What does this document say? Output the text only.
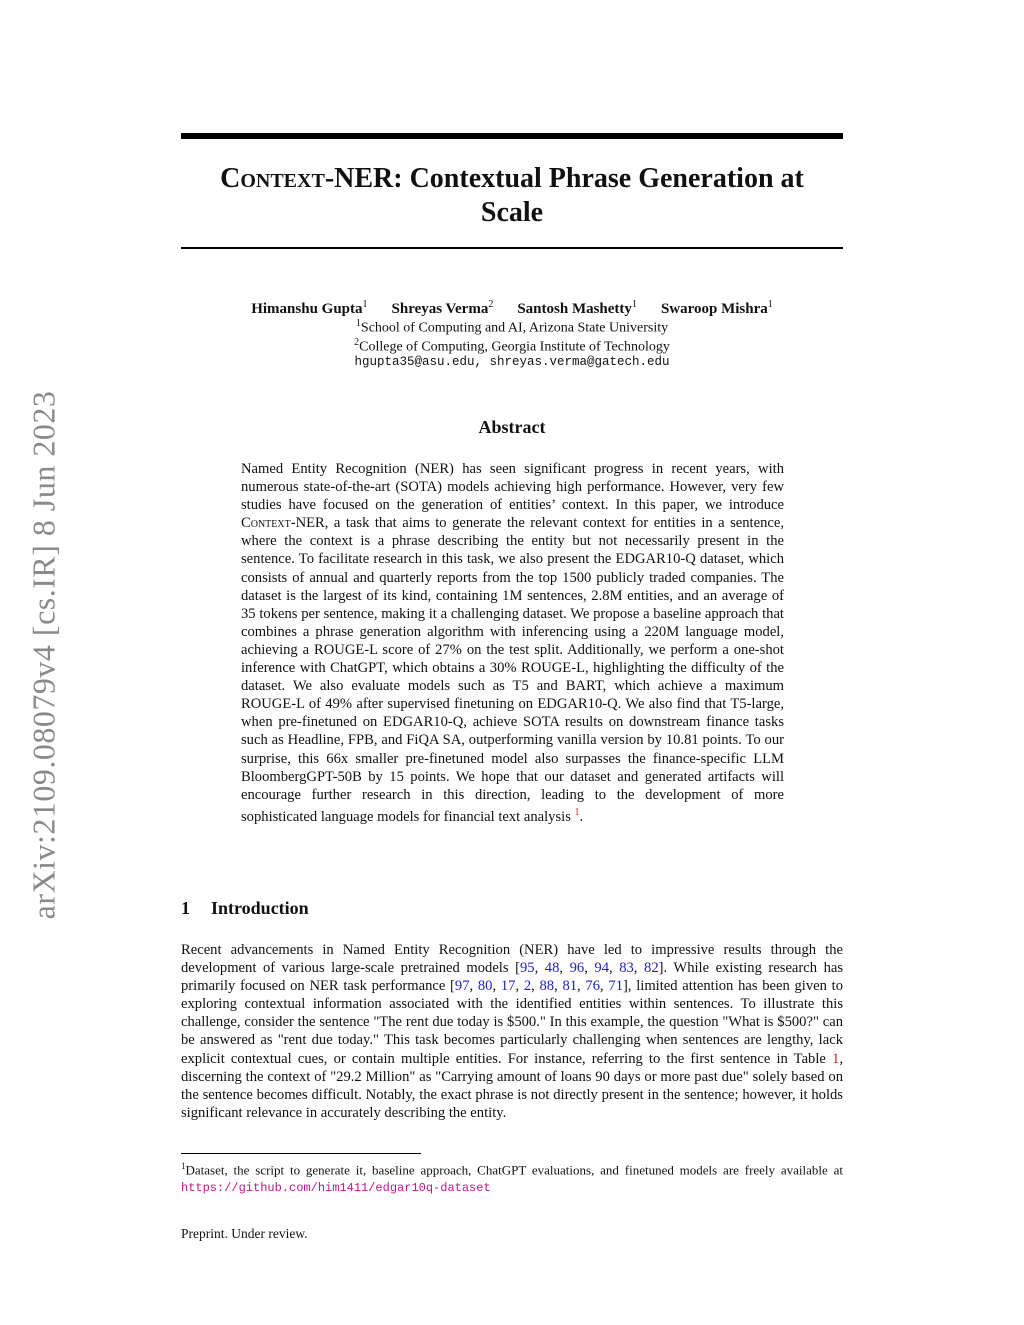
arXiv:2109.08079v4 [cs.IR] 8 Jun 2023
Context-NER: Contextual Phrase Generation at
Scale
Himanshu Gupta$^1$ Shreyas Verma$^2$ Santosh Mashetty$^1$ Swaroop Mishra$^1$
$^1$School of Computing and AI, Arizona State University
$^2$College of Computing, Georgia Institute of Technology
hgupta35@asu.edu, shreyas.verma@gatech.edu
Abstract
Named Entity Recognition (NER) has seen significant progress in recent years, with numerous state-of-the-art (SOTA) models achieving high performance. However, very few studies have focused on the generation of entities’ context. In this paper, we introduce Context-NER, a task that aims to generate the relevant context for entities in a sentence, where the context is a phrase describing the entity but not necessarily present in the sentence. To facilitate research in this task, we also present the EDGAR10-Q dataset, which consists of annual and quarterly reports from the top 1500 publicly traded companies. The dataset is the largest of its kind, containing 1M sentences, 2.8M entities, and an average of 35 tokens per sentence, making it a challenging dataset. We propose a baseline approach that combines a phrase generation algorithm with inferencing using a 220M language model, achieving a ROUGE-L score of 27% on the test split. Additionally, we perform a one-shot inference with ChatGPT, which obtains a 30% ROUGE-L, highlighting the difficulty of the dataset. We also evaluate models such as T5 and BART, which achieve a maximum ROUGE-L of 49% after supervised finetuning on EDGAR10-Q. We also find that T5-large, when pre-finetuned on EDGAR10-Q, achieve SOTA results on downstream finance tasks such as Headline, FPB, and FiQA SA, outperforming vanilla version by 10.81 points. To our surprise, this 66x smaller pre-finetuned model also surpasses the finance-specific LLM BloombergGPT-50B by 15 points. We hope that our dataset and generated artifacts will encourage further research in this direction, leading to the development of more sophisticated language models for financial text analysis $^1$.
1 Introduction
Recent advancements in Named Entity Recognition (NER) have led to impressive results through the development of various large-scale pretrained models [95, 48, 96, 94, 83, 82]. While existing research has primarily focused on NER task performance [97, 80, 17, 2, 88, 81, 76, 71], limited attention has been given to exploring contextual information associated with the identified entities within sentences. To illustrate this challenge, consider the sentence "The rent due today is $500." In this example, the question "What is $500?" can be answered as "rent due today." This task becomes particularly challenging when sentences are lengthy, lack explicit contextual cues, or contain multiple entities. For instance, referring to the first sentence in Table 1, discerning the context of "29.2 Million" as "Carrying amount of loans 90 days or more past due" solely based on the sentence becomes difficult. Notably, the exact phrase is not directly present in the sentence; however, it holds significant relevance in accurately describing the entity.
$^1$Dataset, the script to generate it, baseline approach, ChatGPT evaluations, and finetuned models are freely available at https://github.com/him1411/edgar10q-dataset
Preprint. Under review.
